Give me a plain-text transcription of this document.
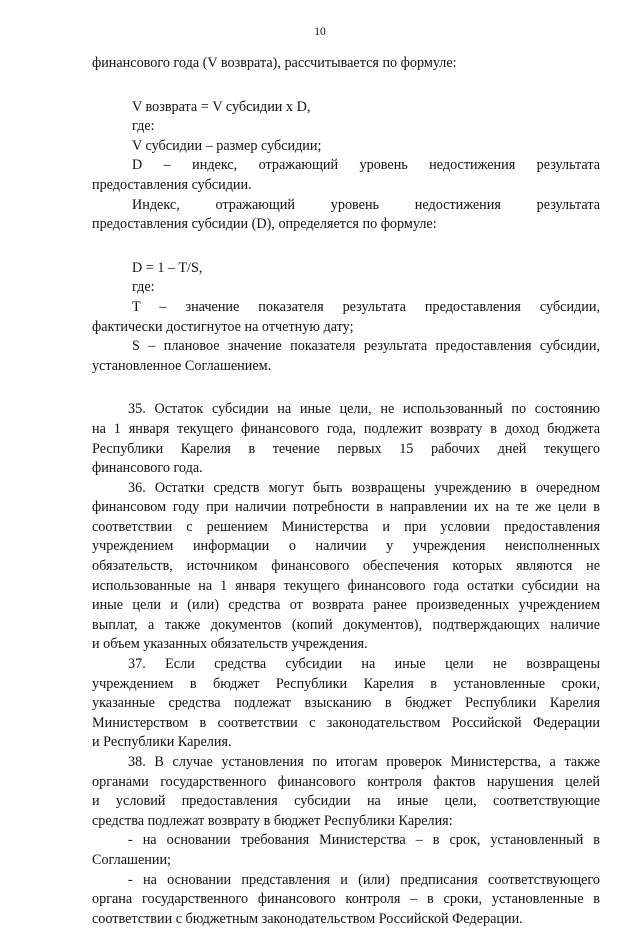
10

финансового года (V возврата), рассчитывается по формуле:

V возврата = V субсидии x D,

где:

V субсидии – размер субсидии;

D – индекс, отражающий уровень недостижения результата

предоставления субсидии.

Индекс, отражающий уровень недостижения результата

предоставления субсидии (D), определяется по формуле:

D = 1 – T/S,

где:

T – значение показателя результата предоставления субсидии,

фактически достигнутое на отчетную дату;

S – плановое значение показателя результата предоставления субсидии,

установленное Соглашением.

35. Остаток субсидии на иные цели, не использованный по состоянию

на 1 января текущего финансового года, подлежит возврату в доход бюджета

Республики Карелия в течение первых 15 рабочих дней текущего

финансового года.

36. Остатки средств могут быть возвращены учреждению в очередном

финансовом году при наличии потребности в направлении их на те же цели в

соответствии с решением Министерства и при условии предоставления

учреждением информации о наличии у учреждения неисполненных

обязательств, источником финансового обеспечения которых являются не

использованные на 1 января текущего финансового года остатки субсидии на

иные цели и (или) средства от возврата ранее произведенных учреждением

выплат, а также документов (копий документов), подтверждающих наличие

и объем указанных обязательств учреждения.

37. Если средства субсидии на иные цели не возвращены

учреждением в бюджет Республики Карелия в установленные сроки,

указанные средства подлежат взысканию в бюджет Республики Карелия

Министерством в соответствии с законодательством Российской Федерации

и Республики Карелия.

38. В случае установления по итогам проверок Министерства, а также

органами государственного финансового контроля фактов нарушения целей

и условий предоставления субсидии на иные цели, соответствующие

средства подлежат возврату в бюджет Республики Карелия:

- на основании требования Министерства – в срок, установленный в

Соглашении;

- на основании представления и (или) предписания соответствующего

органа государственного финансового контроля – в сроки, установленные в

соответствии с бюджетным законодательством Российской Федерации.
